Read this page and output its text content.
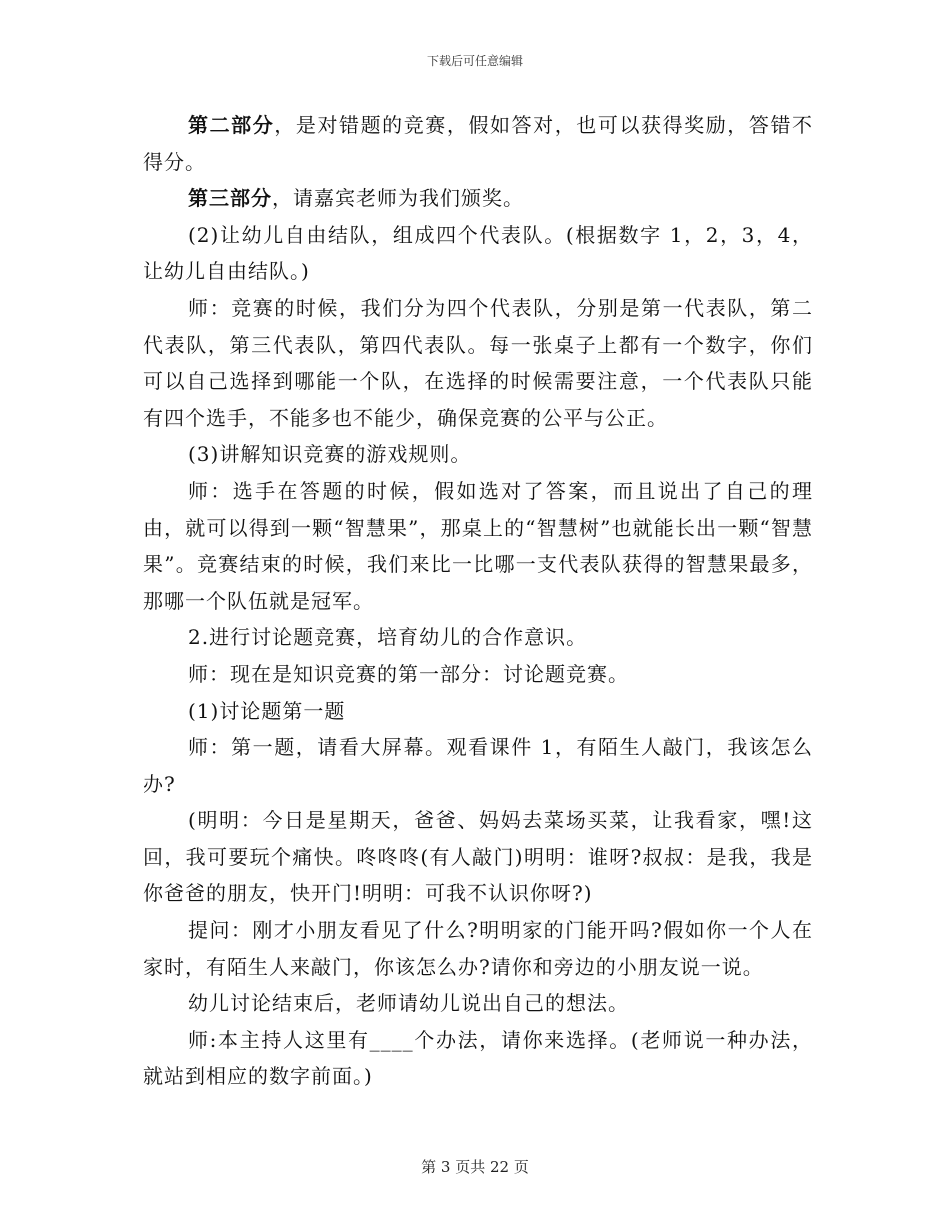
下载后可任意编辑

第二部分，是对错题的竞赛，假如答对，也可以获得奖励，答错不得分。

第三部分，请嘉宾老师为我们颁奖。

(2)让幼儿自由结队，组成四个代表队。(根据数字 1，2，3，4，让幼儿自由结队。)

师：竞赛的时候，我们分为四个代表队，分别是第一代表队，第二代表队，第三代表队，第四代表队。每一张桌子上都有一个数字，你们可以自己选择到哪能一个队，在选择的时候需要注意，一个代表队只能有四个选手，不能多也不能少，确保竞赛的公平与公正。

(3)讲解知识竞赛的游戏规则。

师：选手在答题的时候，假如选对了答案，而且说出了自己的理由，就可以得到一颗“智慧果”，那桌上的“智慧树”也就能长出一颗“智慧果”。竞赛结束的时候，我们来比一比哪一支代表队获得的智慧果最多，那哪一个队伍就是冠军。

2.进行讨论题竞赛，培育幼儿的合作意识。

师：现在是知识竞赛的第一部分：讨论题竞赛。

(1)讨论题第一题

师：第一题，请看大屏幕。观看课件 1，有陌生人敲门，我该怎么办?

(明明：今日是星期天，爸爸、妈妈去菜场买菜，让我看家，嘿!这回，我可要玩个痛快。咚咚咚(有人敲门)明明：谁呀?叔叔：是我，我是你爸爸的朋友，快开门!明明：可我不认识你呀?)

提问：刚才小朋友看见了什么?明明家的门能开吗?假如你一个人在家时，有陌生人来敲门，你该怎么办?请你和旁边的小朋友说一说。

幼儿讨论结束后，老师请幼儿说出自己的想法。

师:本主持人这里有____个办法，请你来选择。(老师说一种办法，就站到相应的数字前面。)

第 3 页共 22 页
